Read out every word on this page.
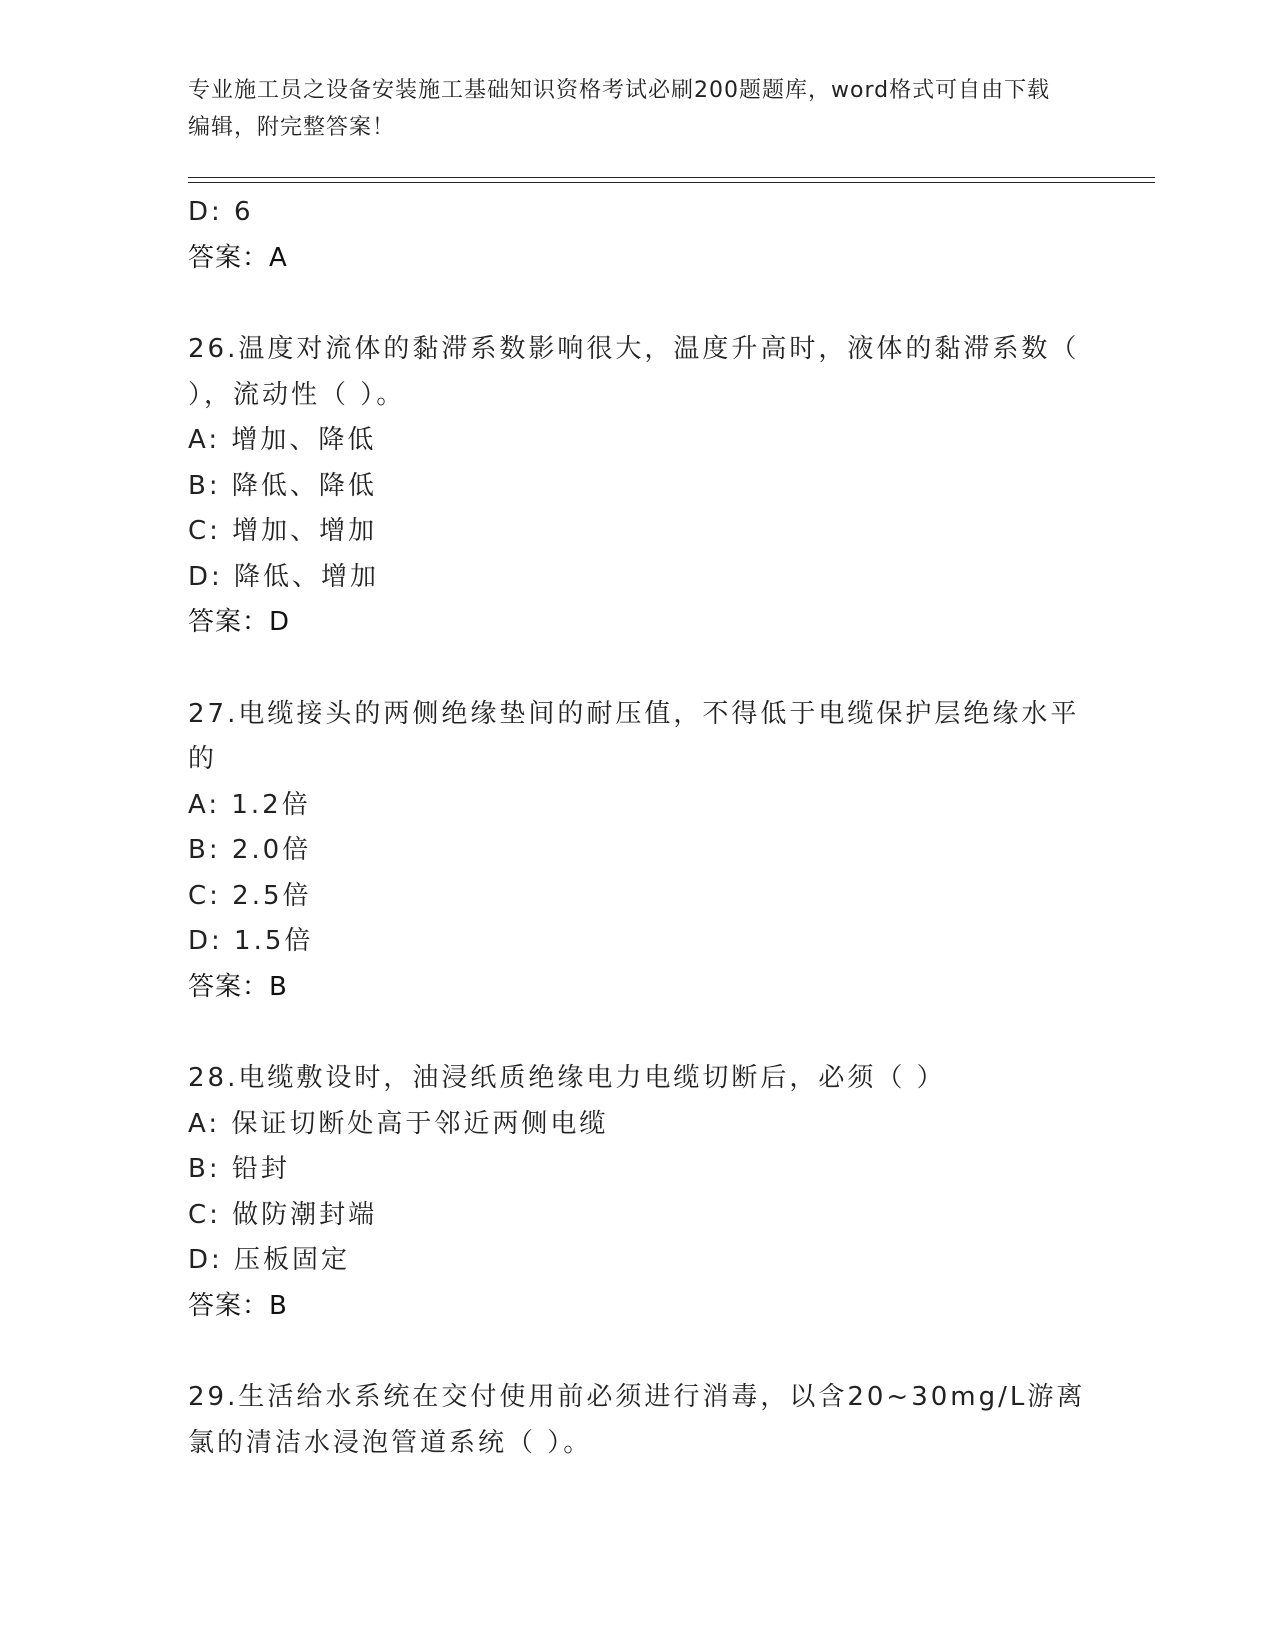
专业施工员之设备安装施工基础知识资格考试必刷200题题库，word格式可自由下载编辑，附完整答案！
D: 6
答案：A
26.温度对流体的黏滞系数影响很大，温度升高时，液体的黏滞系数（ ），流动性（ ）。
A: 增加、降低
B: 降低、降低
C: 增加、增加
D: 降低、增加
答案：D
27.电缆接头的两侧绝缘垫间的耐压值，不得低于电缆保护层绝缘水平的
A: 1.2倍
B: 2.0倍
C: 2.5倍
D: 1.5倍
答案：B
28.电缆敷设时，油浸纸质绝缘电力电缆切断后，必须（ ）
A: 保证切断处高于邻近两侧电缆
B: 铅封
C: 做防潮封端
D: 压板固定
答案：B
29.生活给水系统在交付使用前必须进行消毒，以含20~30mg/L游离氯的清洁水浸泡管道系统（ ）。
